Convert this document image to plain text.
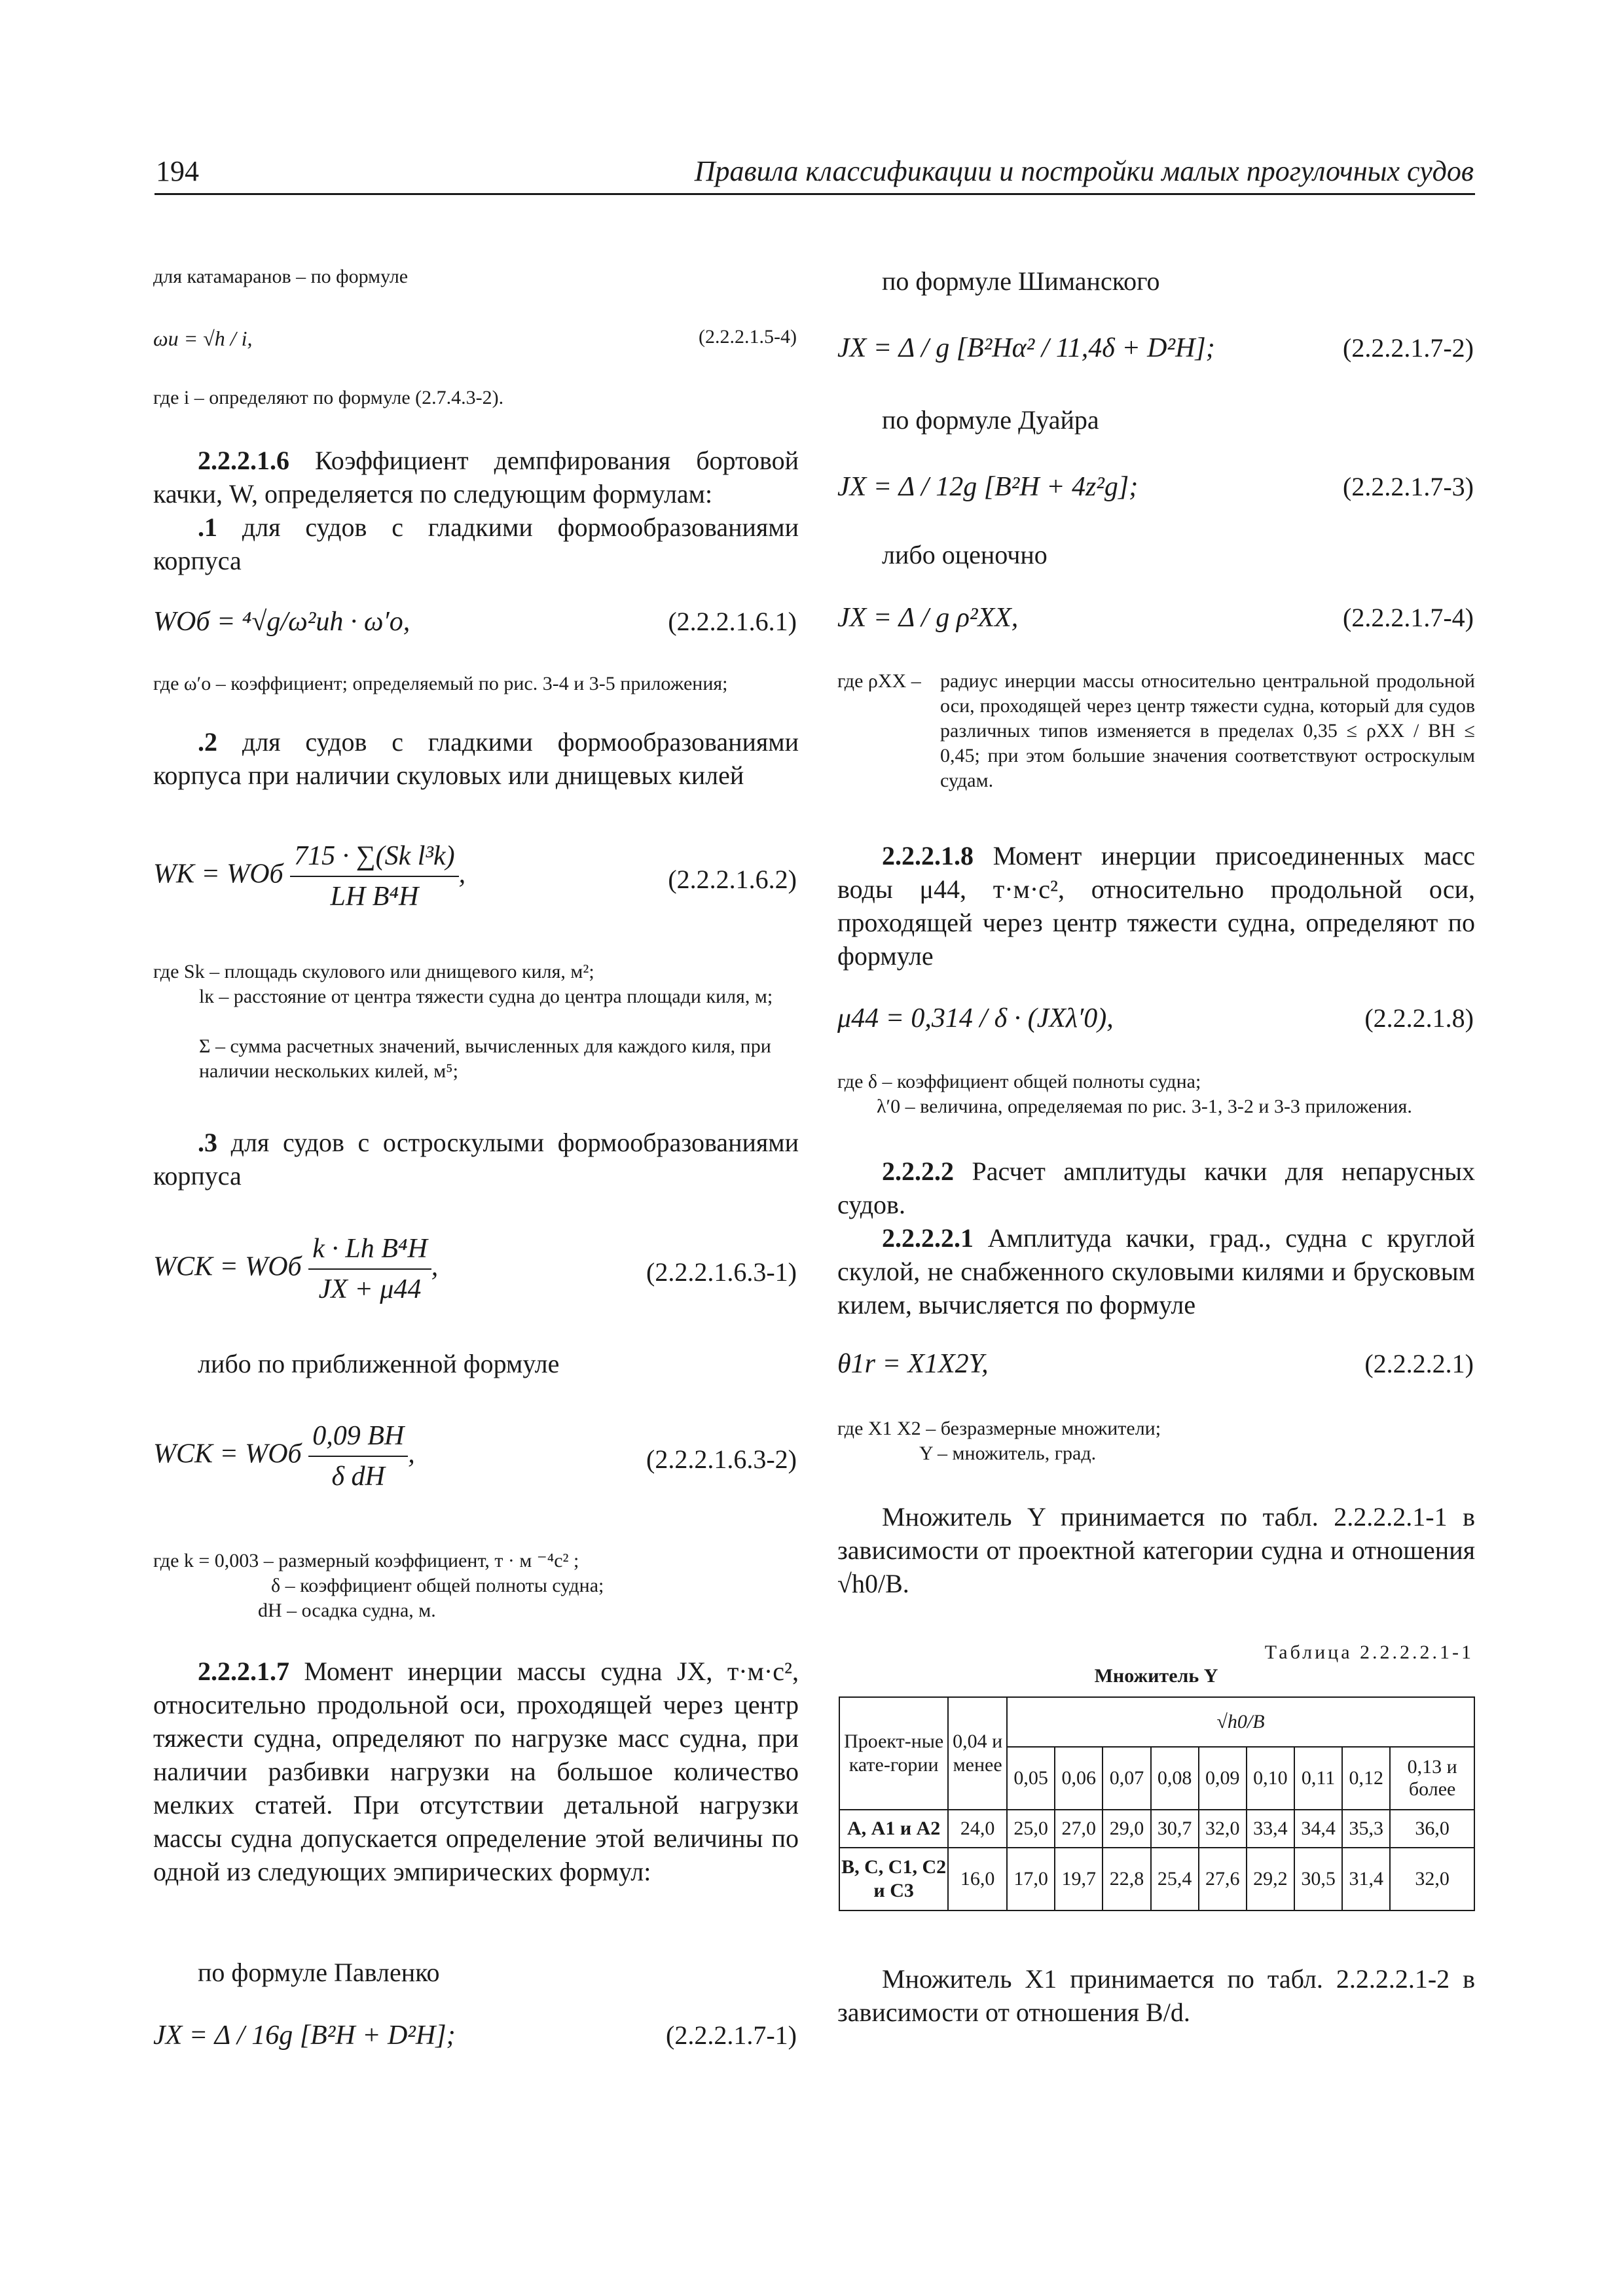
194	Правила классификации и постройки малых прогулочных судов
для катамаранов – по формуле
ωи = √h / i,	(2.2.2.1.5-4)
где i – определяют по формуле (2.7.4.3-2).
2.2.2.1.6 Коэффициент демпфирования бортовой качки, W, определяется по следующим формулам:
.1 для судов с гладкими формообразованиями корпуса
WОб = ⁴√g/ω²иh · ω′о,	(2.2.2.1.6.1)
где ω′о – коэффициент; определяемый по рис. 3-4 и 3-5 приложения;
.2 для судов с гладкими формообразованиями корпуса при наличии скуловых или днищевых килей
WК = WОб $\frac{\text{715 · ∑(Sk l³k)}}{\text{LН B⁴Н}}$ ,	(2.2.2.1.6.2)
где Sk – площадь скулового или днищевого киля, м²;
lк – расстояние от центра тяжести судна до центра площади киля, м;
Σ – сумма расчетных значений, вычисленных для каждого киля, при наличии нескольких килей, м⁵;
.3 для судов с остроскулыми формообразованиями корпуса
WСК = WОб $\frac{\text{k · Lh B⁴Н}}{JX + \mu 44}$ ,	(2.2.2.1.6.3-1)
либо по приближенной формуле
WСК = WОб $\frac{0,09 BН}{\text{δ dН}}$ ,	(2.2.2.1.6.3-2)
где k = 0,003 – размерный коэффициент, т · м ⁻⁴с² ;
δ – коэффициент общей полноты судна;
dН – осадка судна, м.
2.2.2.1.7 Момент инерции массы судна JX, т·м·с², относительно продольной оси, проходящей через центр тяжести судна, определяют по нагрузке масс судна, при наличии разбивки нагрузки на большое количество мелких статей. При отсутствии детальной нагрузки массы судна допускается определение этой величины по одной из следующих эмпирических формул:
по формуле Павленко
JX = Δ / 16g [B²Н + D²Н];	(2.2.2.1.7-1)
по формуле Шиманского
JX = Δ / g [B²Нα² / 11,4δ + D²Н];	(2.2.2.1.7-2)
по формуле Дуайра
JX = Δ / 12g [B²Н + 4z²g];	(2.2.2.1.7-3)
либо оценочно
JX = Δ / g ρ²XX,	(2.2.2.1.7-4)
где ρXX – радиус инерции массы относительно центральной продольной оси, проходящей через центр тяжести судна, который для судов различных типов изменяется в пределах 0,35 ≤ ρXX / BН ≤ 0,45; при этом большие значения соответствуют остроскулым судам.
2.2.2.1.8 Момент инерции присоединенных масс воды μ44, т·м·с², относительно продольной оси, проходящей через центр тяжести судна, определяют по формуле
μ44 = 0,314 / δ · (JXλ′0),	(2.2.2.1.8)
где δ – коэффициент общей полноты судна;
λ′0 – величина, определяемая по рис. 3-1, 3-2 и 3-3 приложения.
2.2.2.2 Расчет амплитуды качки для непарусных судов.
2.2.2.2.1 Амплитуда качки, град., судна с круглой скулой, не снабженного скуловыми килями и брусковым килем, вычисляется по формуле
θ1r = X1X2Y,	(2.2.2.2.1)
где X1 X2 – безразмерные множители;
Y – множитель, град.
Множитель Y принимается по табл. 2.2.2.2.1-1 в зависимости от проектной категории судна и отношения √h0/B.
Таблица 2.2.2.2.1-1
Множитель Y
Проект-ные кате-гории	0,04 и менее	√h0/B								
		0,05	0,06	0,07	0,08	0,09	0,10	0,11	0,12	0,13 и более
А, А1 и А2	24,0	25,0	27,0	29,0	30,7	32,0	33,4	34,4	35,3	36,0
В, С, С1, С2 и С3	16,0	17,0	19,7	22,8	25,4	27,6	29,2	30,5	31,4	32,0
Множитель X1 принимается по табл. 2.2.2.2.1-2 в зависимости от отношения B/d.
